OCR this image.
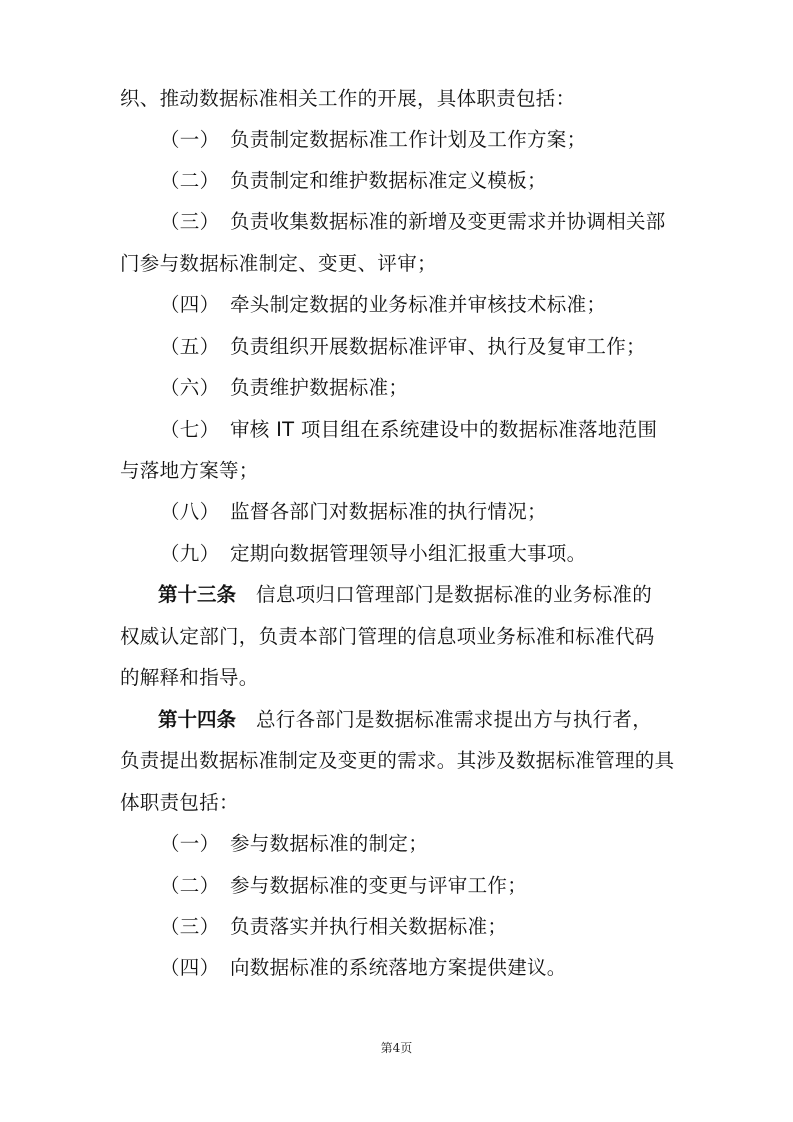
织、推动数据标准相关工作的开展，具体职责包括：
（一） 负责制定数据标准工作计划及工作方案；
（二） 负责制定和维护数据标准定义模板；
（三） 负责收集数据标准的新增及变更需求并协调相关部
门参与数据标准制定、变更、评审；
（四） 牵头制定数据的业务标准并审核技术标准；
（五） 负责组织开展数据标准评审、执行及复审工作；
（六） 负责维护数据标准；
（七） 审核 IT 项目组在系统建设中的数据标准落地范围
与落地方案等；
（八） 监督各部门对数据标准的执行情况；
（九） 定期向数据管理领导小组汇报重大事项。
第十三条 信息项归口管理部门是数据标准的业务标准的
权威认定部门，负责本部门管理的信息项业务标准和标准代码
的解释和指导。
第十四条 总行各部门是数据标准需求提出方与执行者，
负责提出数据标准制定及变更的需求。其涉及数据标准管理的具
体职责包括：
（一） 参与数据标准的制定；
（二） 参与数据标准的变更与评审工作；
（三） 负责落实并执行相关数据标准；
（四） 向数据标准的系统落地方案提供建议。
第4页
